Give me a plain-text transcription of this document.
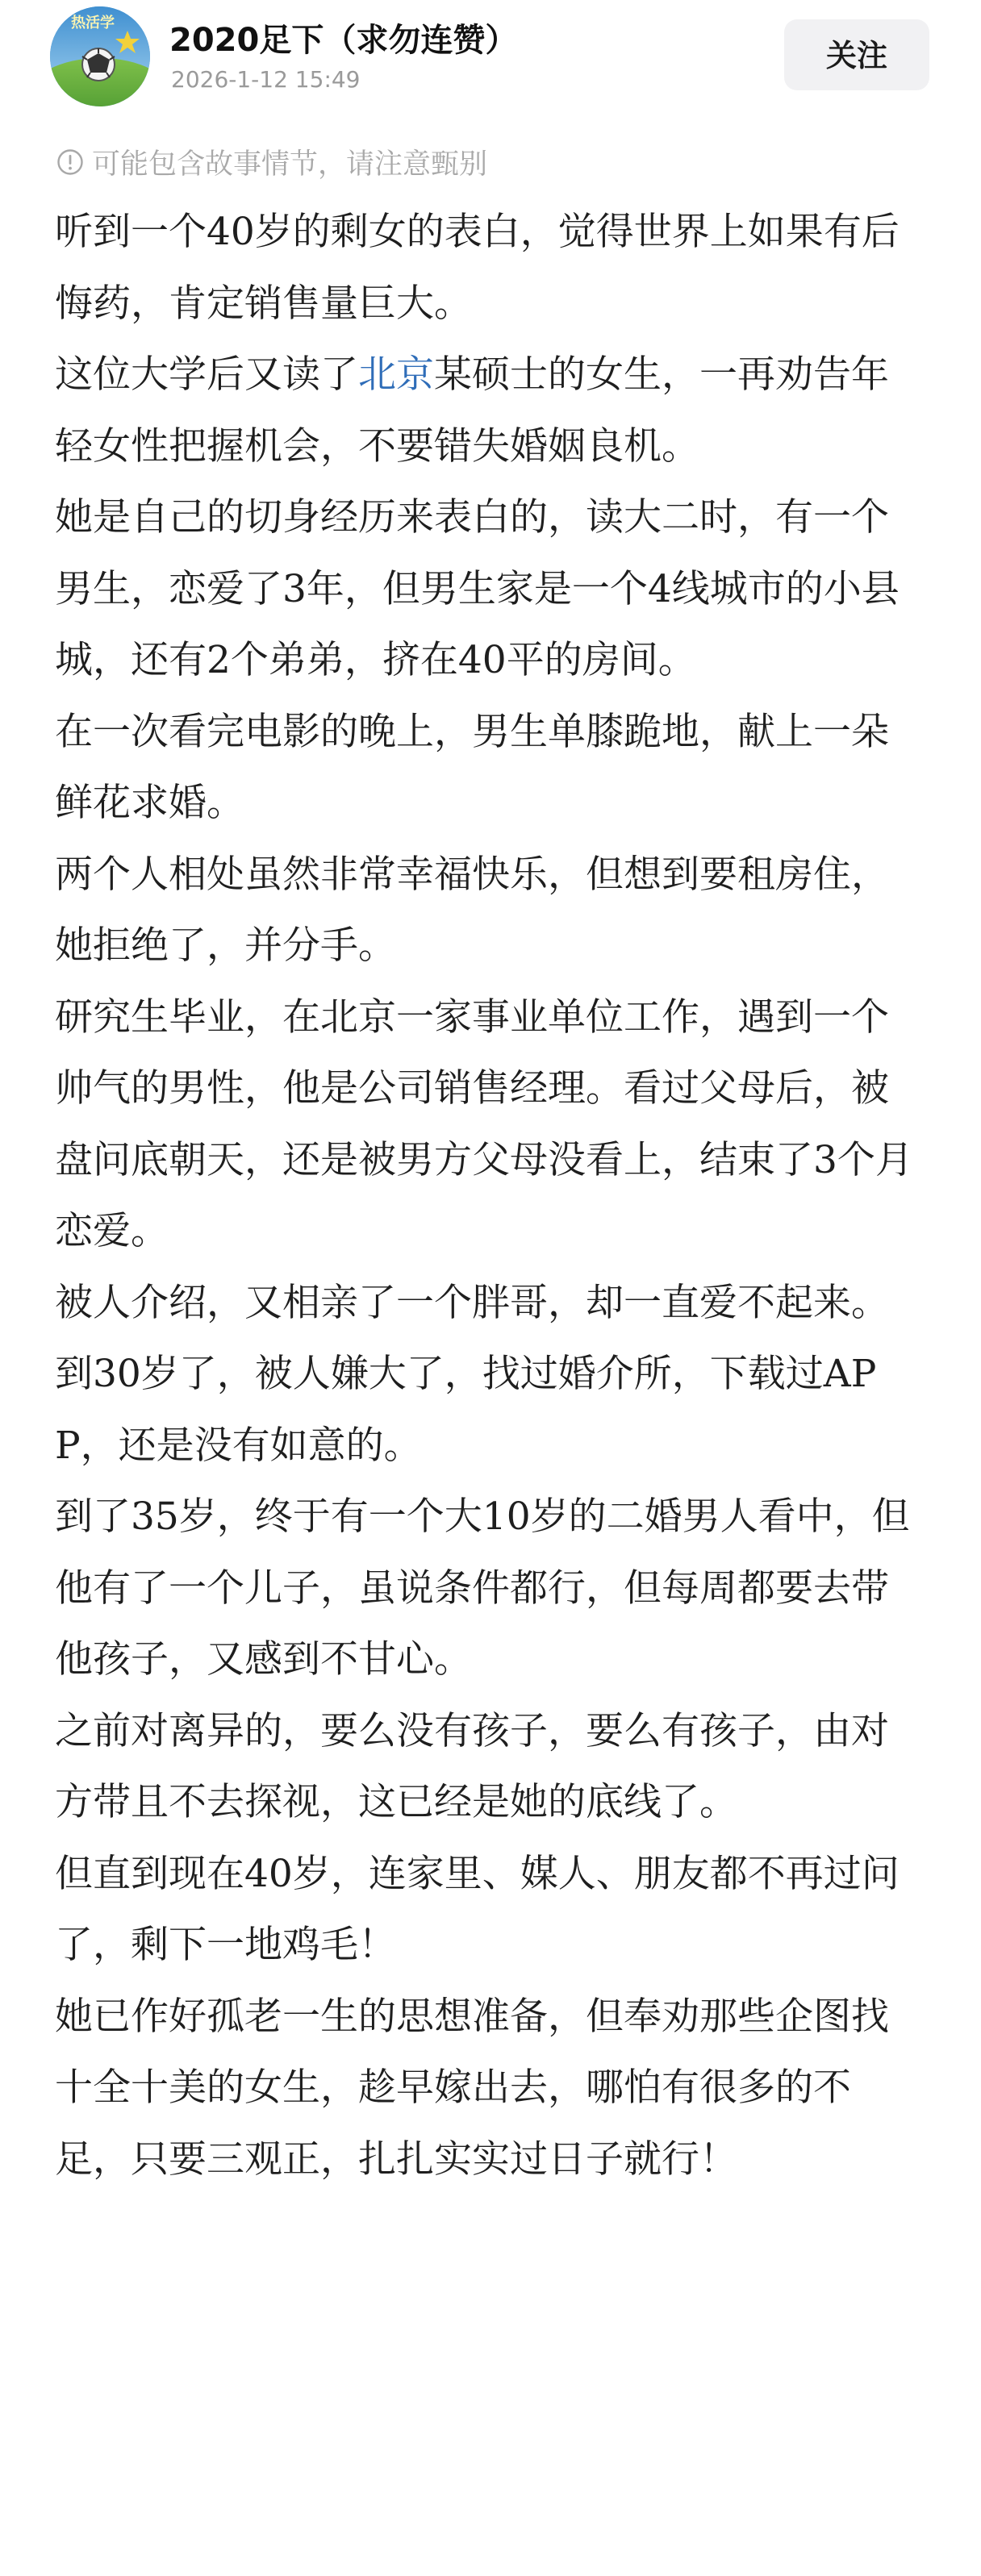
热活学 2020足下（求勿连赞）
2026-1-12 15:49
关注
可能包含故事情节，请注意甄别

听到一个40岁的剩女的表白，觉得世界上如果有后悔药，肯定销售量巨大。

这位大学后又读了北京某硕士的女生，一再劝告年轻女性把握机会，不要错失婚姻良机。

她是自己的切身经历来表白的，读大二时，有一个男生，恋爱了3年，但男生家是一个4线城市的小县城，还有2个弟弟，挤在40平的房间。

在一次看完电影的晚上，男生单膝跪地，献上一朵鲜花求婚。

两个人相处虽然非常幸福快乐，但想到要租房住，她拒绝了，并分手。

研究生毕业，在北京一家事业单位工作，遇到一个帅气的男性，他是公司销售经理。看过父母后，被盘问底朝天，还是被男方父母没看上，结束了3个月恋爱。

被人介绍，又相亲了一个胖哥，却一直爱不起来。

到30岁了，被人嫌大了，找过婚介所，下载过APP，还是没有如意的。

到了35岁，终于有一个大10岁的二婚男人看中，但他有了一个儿子，虽说条件都行，但每周都要去带他孩子，又感到不甘心。

之前对离异的，要么没有孩子，要么有孩子，由对方带且不去探视，这已经是她的底线了。

但直到现在40岁，连家里、媒人、朋友都不再过问了，剩下一地鸡毛！

她已作好孤老一生的思想准备，但奉劝那些企图找十全十美的女生，趁早嫁出去，哪怕有很多的不足，只要三观正，扎扎实实过日子就行！
